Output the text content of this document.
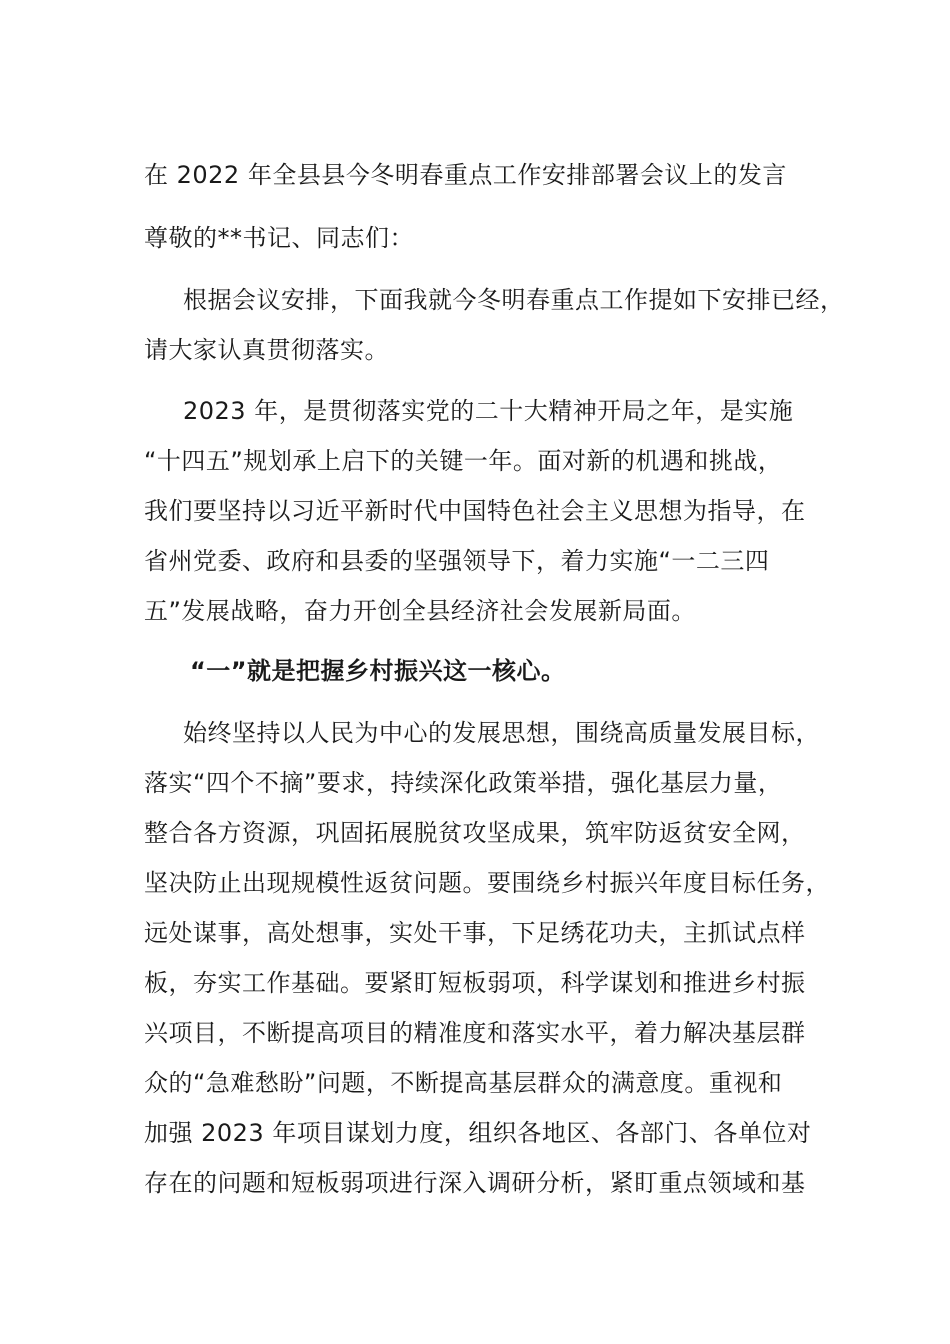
在 2022 年全县县今冬明春重点工作安排部署会议上的发言
尊敬的**书记、同志们：
根据会议安排，下面我就今冬明春重点工作提如下安排已经，
请大家认真贯彻落实。
2023 年，是贯彻落实党的二十大精神开局之年，是实施
“十四五”规划承上启下的关键一年。面对新的机遇和挑战，
我们要坚持以习近平新时代中国特色社会主义思想为指导，在
省州党委、政府和县委的坚强领导下，着力实施“一二三四
五”发展战略，奋力开创全县经济社会发展新局面。
“一”就是把握乡村振兴这一核心。
始终坚持以人民为中心的发展思想，围绕高质量发展目标，
落实“四个不摘”要求，持续深化政策举措，强化基层力量，
整合各方资源，巩固拓展脱贫攻坚成果，筑牢防返贫安全网，
坚决防止出现规模性返贫问题。要围绕乡村振兴年度目标任务，
远处谋事，高处想事，实处干事，下足绣花功夫，主抓试点样
板，夯实工作基础。要紧盯短板弱项，科学谋划和推进乡村振
兴项目，不断提高项目的精准度和落实水平，着力解决基层群
众的“急难愁盼”问题，不断提高基层群众的满意度。重视和
加强 2023 年项目谋划力度，组织各地区、各部门、各单位对
存在的问题和短板弱项进行深入调研分析，紧盯重点领域和基
